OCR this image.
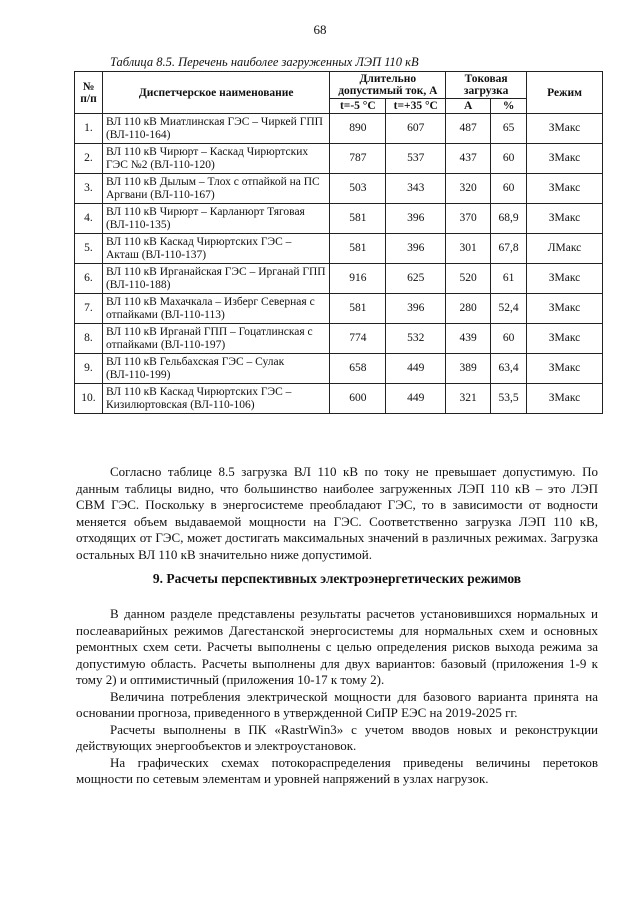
68
Таблица 8.5. Перечень наиболее загруженных ЛЭП 110 кВ
№ п/п	Диспетчерское наименование	Длительно допустимый ток, А		Токовая загрузка		Режим
		t=-5 °C	t=+35 °C	А	%	
1.	ВЛ 110 кВ Миатлинская ГЭС – Чиркей ГПП (ВЛ-110-164)	890	607	487	65	ЗМакс
2.	ВЛ 110 кВ Чирюрт – Каскад Чирюртских ГЭС №2 (ВЛ-110-120)	787	537	437	60	ЗМакс
3.	ВЛ 110 кВ Дылым – Тлох с отпайкой на ПС Аргвани (ВЛ-110-167)	503	343	320	60	ЗМакс
4.	ВЛ 110 кВ Чирюрт – Карланюрт Тяговая (ВЛ-110-135)	581	396	370	68,9	ЗМакс
5.	ВЛ 110 кВ Каскад Чирюртских ГЭС – Акташ (ВЛ-110-137)	581	396	301	67,8	ЛМакс
6.	ВЛ 110 кВ Ирганайская ГЭС – Ирганай ГПП (ВЛ-110-188)	916	625	520	61	ЗМакс
7.	ВЛ 110 кВ Махачкала – Изберг Северная с отпайками (ВЛ-110-113)	581	396	280	52,4	ЗМакс
8.	ВЛ 110 кВ Ирганай ГПП – Гоцатлинская с отпайками (ВЛ-110-197)	774	532	439	60	ЗМакс
9.	ВЛ 110 кВ Гельбахская ГЭС – Сулак (ВЛ-110-199)	658	449	389	63,4	ЗМакс
10.	ВЛ 110 кВ Каскад Чирюртских ГЭС – Кизилюртовская (ВЛ-110-106)	600	449	321	53,5	ЗМакс

Согласно таблице 8.5 загрузка ВЛ 110 кВ по току не превышает допустимую. По данным таблицы видно, что большинство наиболее загруженных ЛЭП 110 кВ – это ЛЭП СВМ ГЭС. Поскольку в энергосистеме преобладают ГЭС, то в зависимости от водности меняется объем выдаваемой мощности на ГЭС. Соответственно загрузка ЛЭП 110 кВ, отходящих от ГЭС, может достигать максимальных значений в различных режимах. Загрузка остальных ВЛ 110 кВ значительно ниже допустимой.

9. Расчеты перспективных электроэнергетических режимов

В данном разделе представлены результаты расчетов установившихся нормальных и послеаварийных режимов Дагестанской энергосистемы для нормальных схем и основных ремонтных схем сети. Расчеты выполнены с целью определения рисков выхода режима за допустимую область. Расчеты выполнены для двух вариантов: базовый (приложения 1-9 к тому 2) и оптимистичный (приложения 10-17 к тому 2).

Величина потребления электрической мощности для базового варианта принята на основании прогноза, приведенного в утвержденной СиПР ЕЭС на 2019-2025 гг.

Расчеты выполнены в ПК «RastrWin3» с учетом вводов новых и реконструкции действующих энергообъектов и электроустановок.

На графических схемах потокораспределения приведены величины перетоков мощности по сетевым элементам и уровней напряжений в узлах нагрузок.
